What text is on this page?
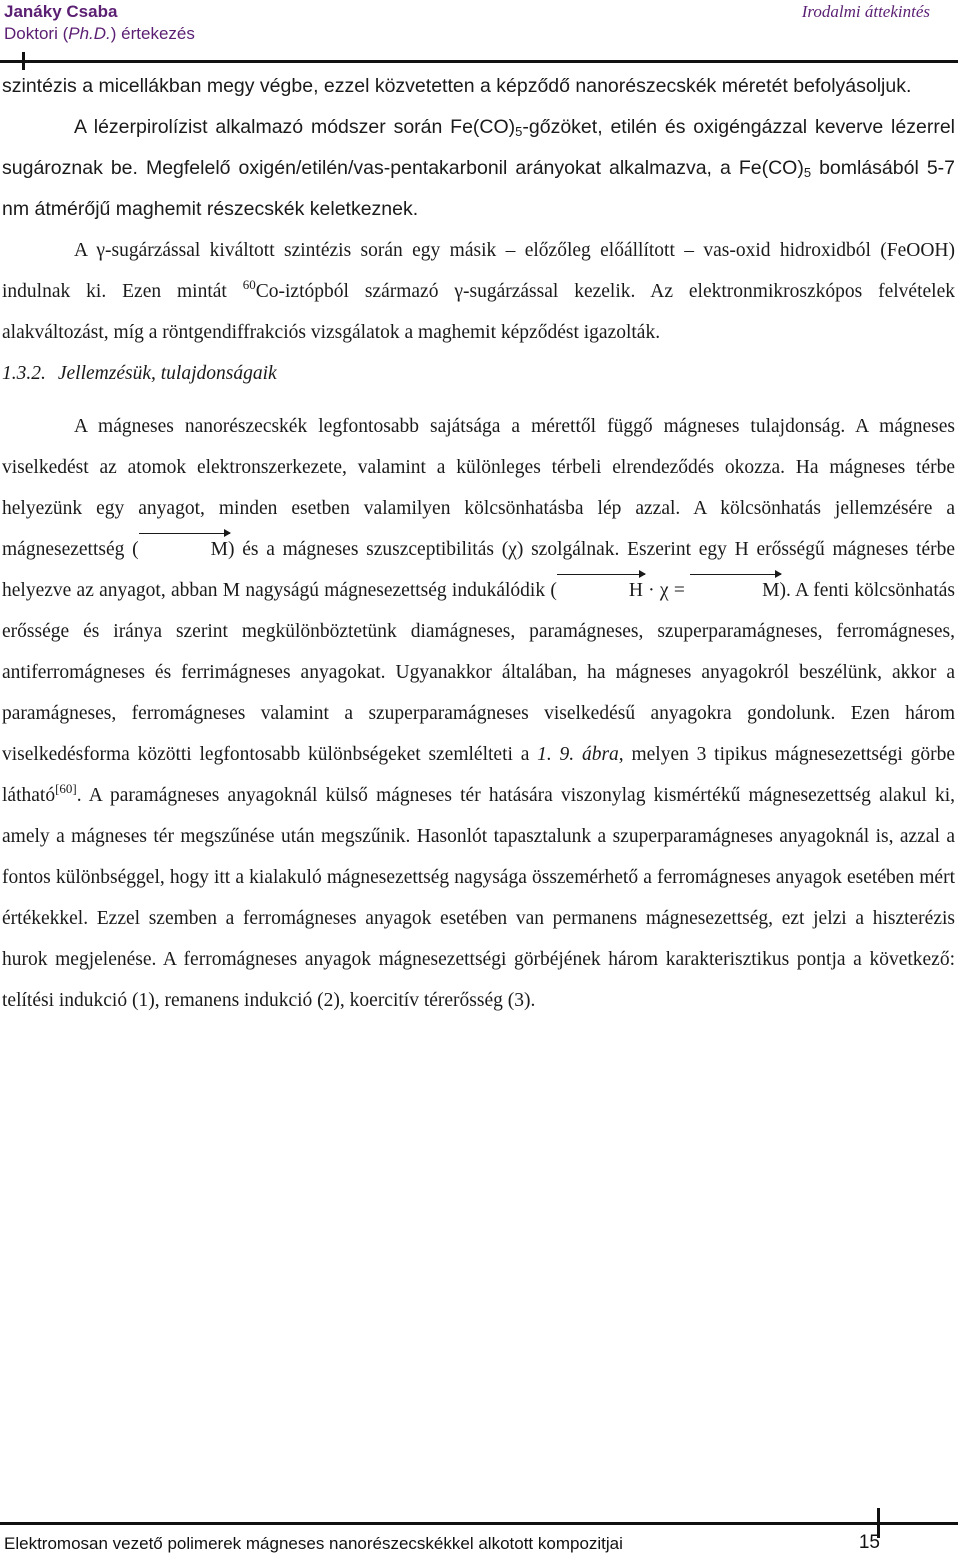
Janáky Csaba
Doktori (Ph.D.) értekezés
Irodalmi áttekintés

szintézis a micellákban megy végbe, ezzel közvetetten a képződő nanorészecskék méretét befolyásoljuk.

A lézerpirolízist alkalmazó módszer során $Fe(CO)_5$-gőzöket, etilén és oxigéngázzal keverve lézerrel sugároznak be. Megfelelő oxigén/etilén/vas-pentakarbonil arányokat alkalmazva, a $Fe(CO)_5$ bomlásából 5-7 nm átmérőjű maghemit részecskék keletkeznek.

A γ-sugárzással kiváltott szintézis során egy másik – előzőleg előállított – vas-oxid hidroxidból (FeOOH) indulnak ki. Ezen mintát $^{60}$Co-iztópból származó γ-sugárzással kezelik. Az elektronmikroszkópos felvételek alakváltozást, míg a röntgendiffrakciós vizsgálatok a maghemit képződést igazolták.

1.3.2. Jellemzésük, tulajdonságaik

A mágneses nanorészecskék legfontosabb sajátsága a mérettől függő mágneses tulajdonság. A mágneses viselkedést az atomok elektronszerkezete, valamint a különleges térbeli elrendeződés okozza. Ha mágneses térbe helyezünk egy anyagot, minden esetben valamilyen kölcsönhatásba lép azzal. A kölcsönhatás jellemzésére a mágnesezettség (	M) és a mágneses szuszceptibilitás (χ) szolgálnak. Eszerint egy H erősségű mágneses térbe helyezve az anyagot, abban M nagyságú mágnesezettség indukálódik (	H · χ =	M). A fenti kölcsönhatás erőssége és iránya szerint megkülönböztetünk diamágneses, paramágneses, szuperparamágneses, ferromágneses, antiferromágneses és ferrimágneses anyagokat. Ugyanakkor általában, ha mágneses anyagokról beszélünk, akkor a paramágneses, ferromágneses valamint a szuperparamágneses viselkedésű anyagokra gondolunk. Ezen három viselkedésforma közötti legfontosabb különbségeket szemlélteti a 1. 9. ábra, melyen 3 tipikus mágnesezettségi görbe látható[60]. A paramágneses anyagoknál külső mágneses tér hatására viszonylag kismértékű mágnesezettség alakul ki, amely a mágneses tér megszűnése után megszűnik. Hasonlót tapasztalunk a szuperparamágneses anyagoknál is, azzal a fontos különbséggel, hogy itt a kialakuló mágnesezettség nagysága összemérhető a ferromágneses anyagok esetében mért értékekkel. Ezzel szemben a ferromágneses anyagok esetében van permanens mágnesezettség, ezt jelzi a hiszterézis hurok megjelenése. A ferromágneses anyagok mágnesezettségi görbéjének három karakterisztikus pontja a következő: telítési indukció (1), remanens indukció (2), koercitív térerősség (3).

Elektromosan vezető polimerek mágneses nanorészecskékkel alkotott kompozitjai	15
